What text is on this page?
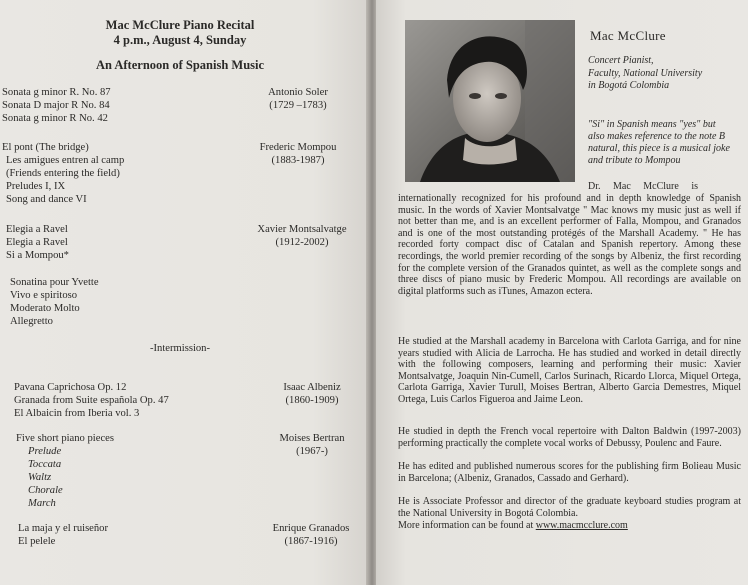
Mac McClure Piano Recital
4 p.m., August 4, Sunday
An Afternoon of Spanish Music
Sonata g minor R. No. 87
Sonata D major R No. 84
Sonata g minor R No. 42
Antonio Soler
(1729 –1783)
El pont (The bridge)
Les amigues entren al camp
(Friends entering the field)
Preludes I, IX
Song and dance VI
Frederic Mompou
(1883-1987)
Elegia a Ravel
Elegia a Ravel
Si a Mompou*
Xavier Montsalvatge
(1912-2002)
Sonatina pour Yvette
Vivo e spiritoso
Moderato Molto
Allegretto
-Intermission-
Pavana Caprichosa Op. 12
Granada from Suite española Op. 47
El Albaicin from Iberia vol. 3
Isaac Albeniz
(1860-1909)
Five short piano pieces
Prelude
Toccata
Waltz
Chorale
March
Moises Bertran
(1967-)
La maja y el ruiseñor
El pelele
Enrique Granados
(1867-1916)
Mac McClure
Concert Pianist,
Faculty, National University
in Bogotá Colombia
"Si" in Spanish means "yes" but
also makes reference to the note B
natural, this piece is a musical joke
and tribute to Mompou
Dr.     Mac     McClure     is

internationally recognized for his profound and in depth knowledge of Spanish music. In the words of Xavier Montsalvatge " Mac knows my music just as well if not better than me, and is an excellent performer of Falla, Mompou, and Granados and is one of the most outstanding protégés of the Marshall Academy. " He has recorded forty compact disc of Catalan and Spanish repertory. Among these recordings, the world premier recording of the songs by Albeniz, the first recording for the complete version of the Granados quintet, as well as the complete songs and three discs of piano music by Frederic Mompou. All recordings are available on digital platforms such as iTunes, Amazon ectera.

He studied at the Marshall academy in Barcelona with Carlota Garriga, and for nine years studied with Alicia de Larrocha. He has studied and worked in detail directly with the following composers, learning and performing their music: Xavier Montsalvatge, Joaquin Nin-Cumell, Carlos Surinach, Ricardo Llorca, Miquel Ortega, Carlota Garriga, Xavier Turull, Moises Bertran, Alberto Garcia Demestres, Miquel Ortega, Luis Carlos Figueroa and Jaime Leon.

He studied in depth the French vocal repertoire with Dalton Baldwin (1997-2003) performing practically the complete vocal works of Debussy, Poulenc and Faure.

He has edited and published numerous scores for the publishing firm Bolieau Music in Barcelona; (Albeniz, Granados, Cassado and Gerhard).

He is Associate Professor and director of the graduate keyboard studies program at the National University in Bogotá Colombia.

More information can be found at www.macmcclure.com
